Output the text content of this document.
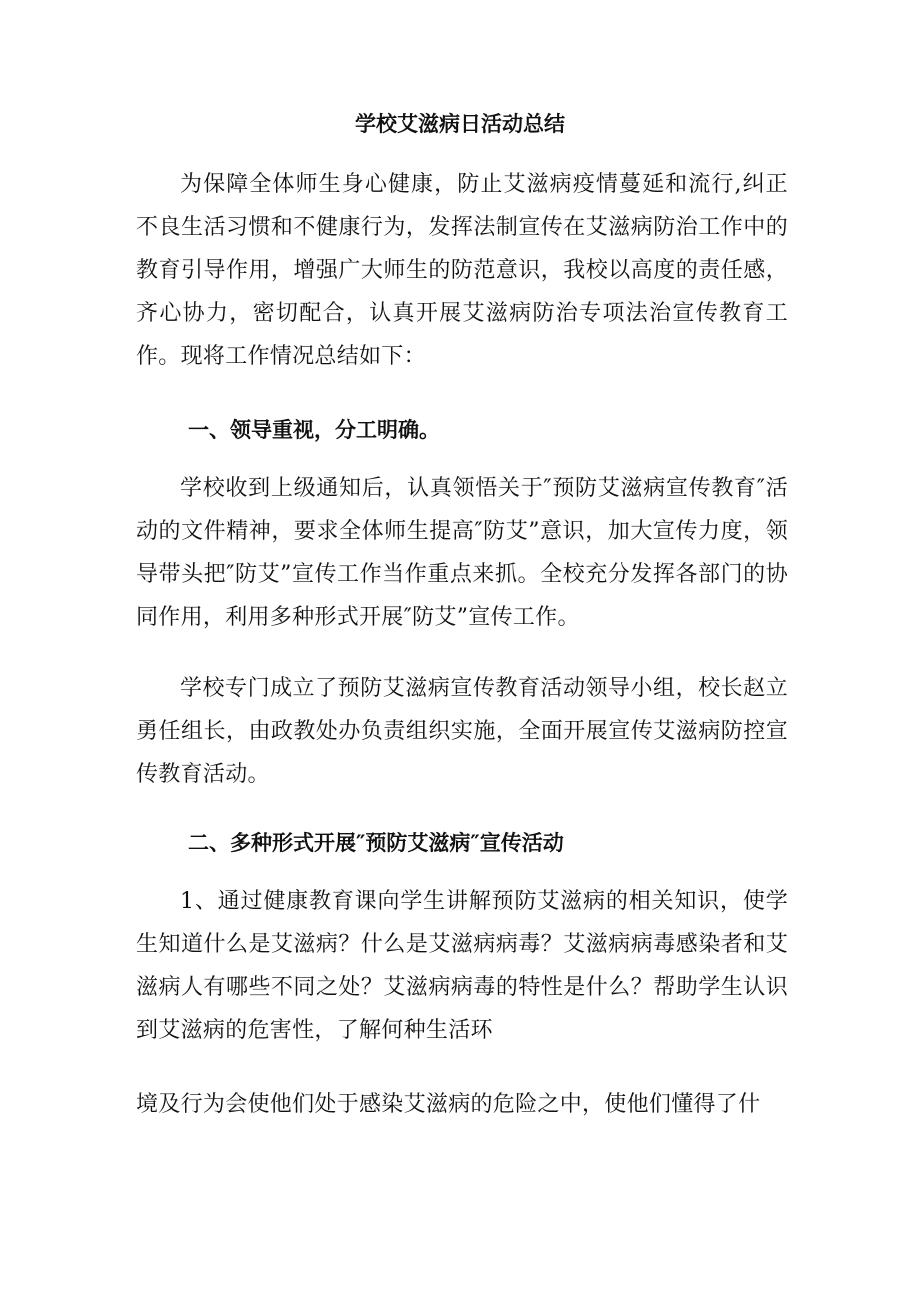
学校艾滋病日活动总结

为保障全体师生身心健康，防止艾滋病疫情蔓延和流行,纠正不良生活习惯和不健康行为，发挥法制宣传在艾滋病防治工作中的教育引导作用，增强广大师生的防范意识，我校以高度的责任感，齐心协力，密切配合，认真开展艾滋病防治专项法治宣传教育工作。现将工作情况总结如下：

一、领导重视，分工明确。

学校收到上级通知后，认真领悟关于″预防艾滋病宣传教育″活动的文件精神，要求全体师生提高″防艾”意识，加大宣传力度，领导带头把″防艾”宣传工作当作重点来抓。全校充分发挥各部门的协同作用，利用多种形式开展″防艾”宣传工作。

学校专门成立了预防艾滋病宣传教育活动领导小组，校长赵立勇任组长，由政教处办负责组织实施，全面开展宣传艾滋病防控宣传教育活动。

二、多种形式开展″预防艾滋病″宣传活动

1、通过健康教育课向学生讲解预防艾滋病的相关知识，使学生知道什么是艾滋病？什么是艾滋病病毒？艾滋病病毒感染者和艾滋病人有哪些不同之处？艾滋病病毒的特性是什么？帮助学生认识到艾滋病的危害性，了解何种生活环

境及行为会使他们处于感染艾滋病的危险之中，使他们懂得了什
